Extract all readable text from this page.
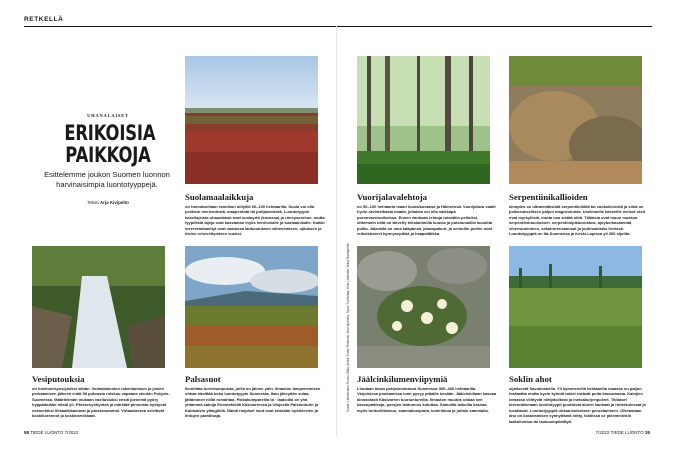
RETKELLÄ
UHANALAISET
ERIKOISIA PAIKKOJA
Esittelemme joukon Suomen luonnon harvinaisimpia luontotyyppejä.
Teksti Arja Kivipelto
Suolamaalaikkuja

on harvakseltaan rannikon niityillä 60–100 hehtaarilla. Suola voi olla peräisin merivedestä, maaperästä tai pohjavedestä. Luontotyypin kasvilajeista uhanalaisia ovat suolayrtti (kuvassa) ja rönsysorsimo, mutta tyypillisiä lajeja ovat kasvaman myös meriluvialle ja suolaalnikalle. Kaikki merenrantaniityt ovat vaarassa laidunnuksen vähenemisen, ojituksen ja tiivien rehevöitymisen vuoksi.

Vuorijalavalehtoja

on 50–100 hehtaaria maan lounaisosassa ja Hämeessä. Vuorijalava vaatii hyvin ravinteikasta maata, jollaista voi olla vaikkapa puronvarsinotkoissa. Ennen vanhaan lehtoja raivattiin pelloiksi, sittemmin niitä on tärvelty tekolammilla kuusia ja puistomaiilla kuusitta puilla. Jalavalla on oma kääpänsä, jalavapakuri, ja sentoilin puihin ovat erikoistuneet kyrmysepikkä ja haapalätikka.

Serpentiinikallioiden

kinnples on ultraemäksistä serpentiinikiltä tai vuoksikivestä ja siinä on poikkeuksellisen paljon magnesiumia. Uselmmille kasveille meiset oloit ovat myrkyllisiä, mutta osa sietää niitä. Tällaisia ovat muun muassa serpentiiniraunioinen, serpentiinipikkuruskea, ajoyberkasammal, viherraunioinen, sekahirrensammal ja jouhisaniaiss lievissä. Luontotyyppiä on Itä-Suomessa ja Keski-Lapissa yli 300 sijoilta.

Vesiputouksia

on hovinneisyosiyisiksi sähän. Voimalaitosten rakentamisen ja jokien perkaamisen jälkeen enää 58 putousta roiskuu vapaana etenkin Pohjois-Suomessa. Määritelmän mukaan vaellusluksi ensiä pienemä pyöry hyppäämään niistä yli. Pärskevyöhynteä ja märkätä pinnoista hyötyvät esimerkiksi lihkaaläisammal ja pärskesammal. Virtaaduesea selviävät koskikorennot ja koskivarvikkaat.

Palsasuot

Ikoniittaa turvekumpuista, joilla on jäinen ydin. Ilmaston lämpenemisen ohkaa hävittää koko luontotyypin Suomesta. Ikan jäkeydän sulaa, jättäminen niillä romahtaa. Palsakumpareilla ta · laakoilla on yhä yhtämmä sakoja Enontekiöllä Käsivarressa ja Utsjoella Paistunturin ja Kaldoaivin ylängöillä. Nämä rimpiset suot ovat keskään hyötelevien ja lintujen paratiisaja.

Jäälcinkilumenviipymiä

Löodaan aivan pohjoismmassa Suomessa 300–400 hehtaarilla. Varjoisissa poukamissa lumi pysyy pitkälle kesään. Jäälcinkillaan kasvaa alnnaolasti Käsivarren tuuriuntureilla. Ilmaston muutos uhkaa sen kasvupaikkoja, porojen laidunnus kuluttaa. Samoilla laikuilla kasvaa myös tunturilikaisuu, sammalvarpiota, lumirikkoa ja joitain sammalia.

Soklin ahot

sijaitsevat Savukoskella. Yli kymmenellä hehtaarilla maassa on paljon fosfaattia mutta hyvin kylmät talvet estävät puita kasvamasta. Kalojien lomassa viihtyvät niittyäsilkeat ja metsäkurjenpolvet. Tällaiset kivennäismaan luontotyypit puuttuvat alueet kankaat ja rinteetulevaat ja luvattavat. Luontotyyppiä uhkaa kaivoksen perustaminen. Olkeastaan aho on kaskeamisen synnyttämä niitty, fokilissa se pikemminkin laakoiluntua tai laukoumpilaittyä.

Kuvat: Lintukeskus Ruusu Sälla, Arolik Touhe Roslerta, Jan Hyvönen, Tapio Tuohimaa, Kirsi Lindholm, Niina Rautapelta
58 TIEDE LUONTO 7/2022	7/2022 TIEDE LUONTO 35
